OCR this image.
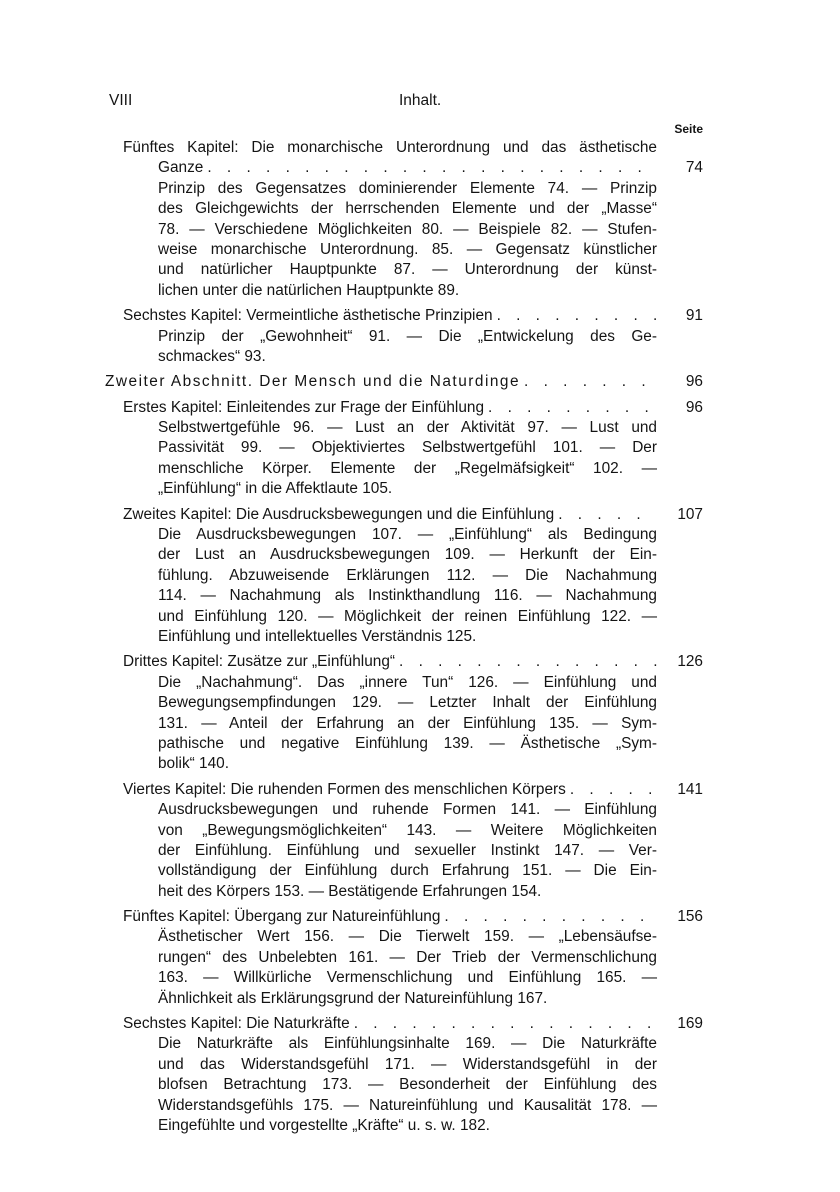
VIII	Inhalt.
Seite
Fünftes Kapitel: Die monarchische Unterordnung und das ästhetische
Ganze . . .	74
Prinzip des Gegensatzes dominierender Elemente 74. — Prinzip
des Gleichgewichts der herrschenden Elemente und der „Masse“
78. — Verschiedene Möglichkeiten 80. — Beispiele 82. — Stufen-
weise monarchische Unterordnung. 85. — Gegensatz künstlicher
und natürlicher Hauptpunkte 87. — Unterordnung der künst-
lichen unter die natürlichen Hauptpunkte 89.
Sechstes Kapitel: Vermeintliche ästhetische Prinzipien . . .	91
Prinzip der „Gewohnheit“ 91. — Die „Entwickelung des Ge-
schmackes“ 93.
Zweiter Abschnitt. Der Mensch und die Naturdinge . . .	96
Erstes Kapitel: Einleitendes zur Frage der Einfühlung . . .	96
Selbstwertgefühle 96. — Lust an der Aktivität 97. — Lust und
Passivität 99. — Objektiviertes Selbstwertgefühl 101. — Der
menschliche Körper. Elemente der „Regelmäfsigkeit“ 102. —
„Einfühlung“ in die Affektlaute 105.
Zweites Kapitel: Die Ausdrucksbewegungen und die Einfühlung . . .	107
Die Ausdrucksbewegungen 107. — „Einfühlung“ als Bedingung
der Lust an Ausdrucksbewegungen 109. — Herkunft der Ein-
fühlung. Abzuweisende Erklärungen 112. — Die Nachahmung
114. — Nachahmung als Instinkthandlung 116. — Nachahmung
und Einfühlung 120. — Möglichkeit der reinen Einfühlung 122. —
Einfühlung und intellektuelles Verständnis 125.
Drittes Kapitel: Zusätze zur „Einfühlung“ . . .	126
Die „Nachahmung“. Das „innere Tun“ 126. — Einfühlung und
Bewegungsempfindungen 129. — Letzter Inhalt der Einfühlung
131. — Anteil der Erfahrung an der Einfühlung 135. — Sym-
pathische und negative Einfühlung 139. — Ästhetische „Sym-
bolik“ 140.
Viertes Kapitel: Die ruhenden Formen des menschlichen Körpers . . .	141
Ausdrucksbewegungen und ruhende Formen 141. — Einfühlung
von „Bewegungsmöglichkeiten“ 143. — Weitere Möglichkeiten
der Einfühlung. Einfühlung und sexueller Instinkt 147. — Ver-
vollständigung der Einfühlung durch Erfahrung 151. — Die Ein-
heit des Körpers 153. — Bestätigende Erfahrungen 154.
Fünftes Kapitel: Übergang zur Natureinfühlung . . .	156
Ästhetischer Wert 156. — Die Tierwelt 159. — „Lebensäufse-
rungen“ des Unbelebten 161. — Der Trieb der Vermenschlichung
163. — Willkürliche Vermenschlichung und Einfühlung 165. —
Ähnlichkeit als Erklärungsgrund der Natureinfühlung 167.
Sechstes Kapitel: Die Naturkräfte . . .	169
Die Naturkräfte als Einfühlungsinhalte 169. — Die Naturkräfte
und das Widerstandsgefühl 171. — Widerstandsgefühl in der
blofsen Betrachtung 173. — Besonderheit der Einfühlung des
Widerstandsgefühls 175. — Natureinfühlung und Kausalität 178. —
Eingefühlte und vorgestellte „Kräfte“ u. s. w. 182.
